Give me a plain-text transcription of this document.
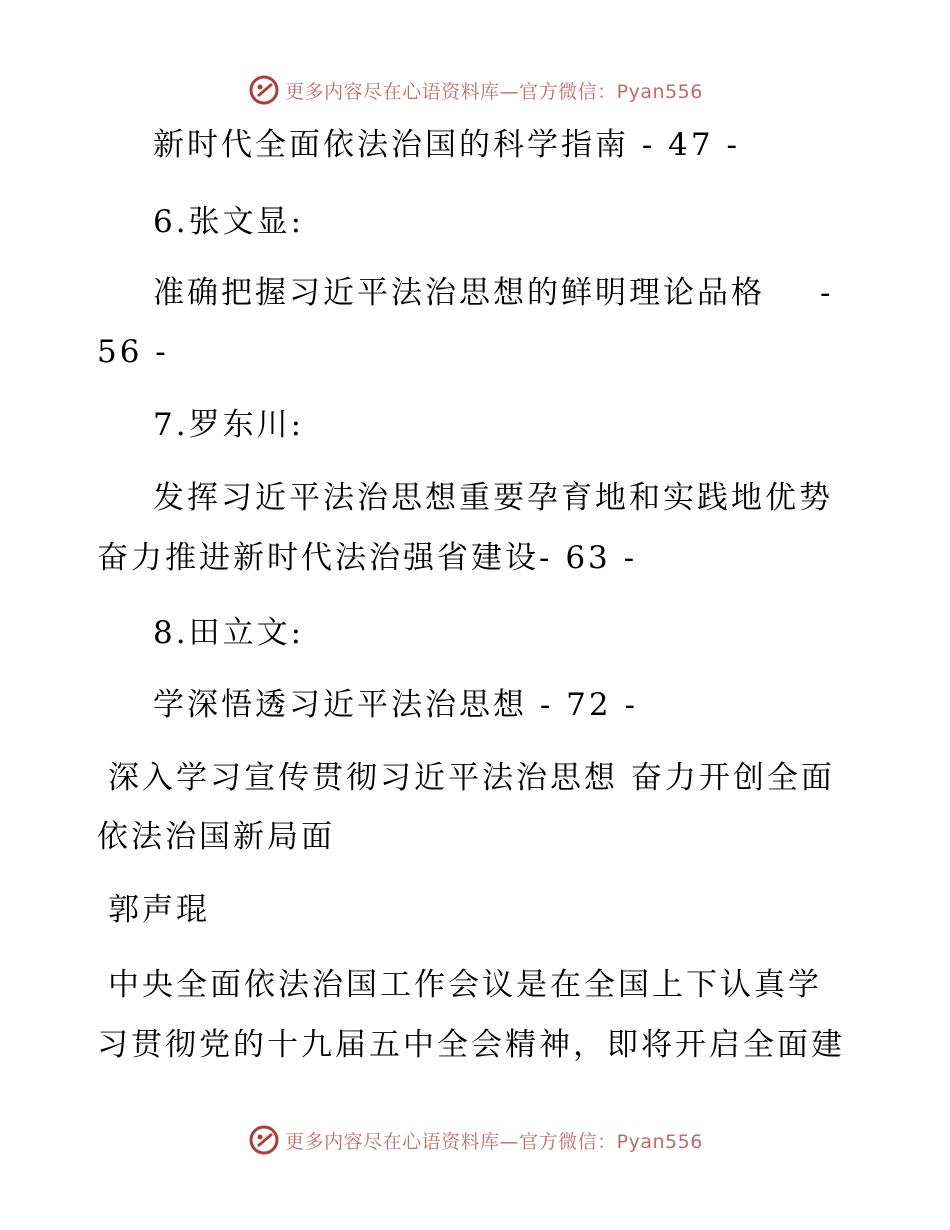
更多内容尽在心语资料库—官方微信：Pyan556
新时代全面依法治国的科学指南 - 47 -
6.张文显:
准确把握习近平法治思想的鲜明理论品格 -
56 -
7.罗东川:
发挥习近平法治思想重要孕育地和实践地优势
奋力推进新时代法治强省建设- 63 -
8.田立文:
学深悟透习近平法治思想 - 72 -
深入学习宣传贯彻习近平法治思想 奋力开创全面
依法治国新局面
郭声琨
中央全面依法治国工作会议是在全国上下认真学
习贯彻党的十九届五中全会精神，即将开启全面建
更多内容尽在心语资料库—官方微信：Pyan556
